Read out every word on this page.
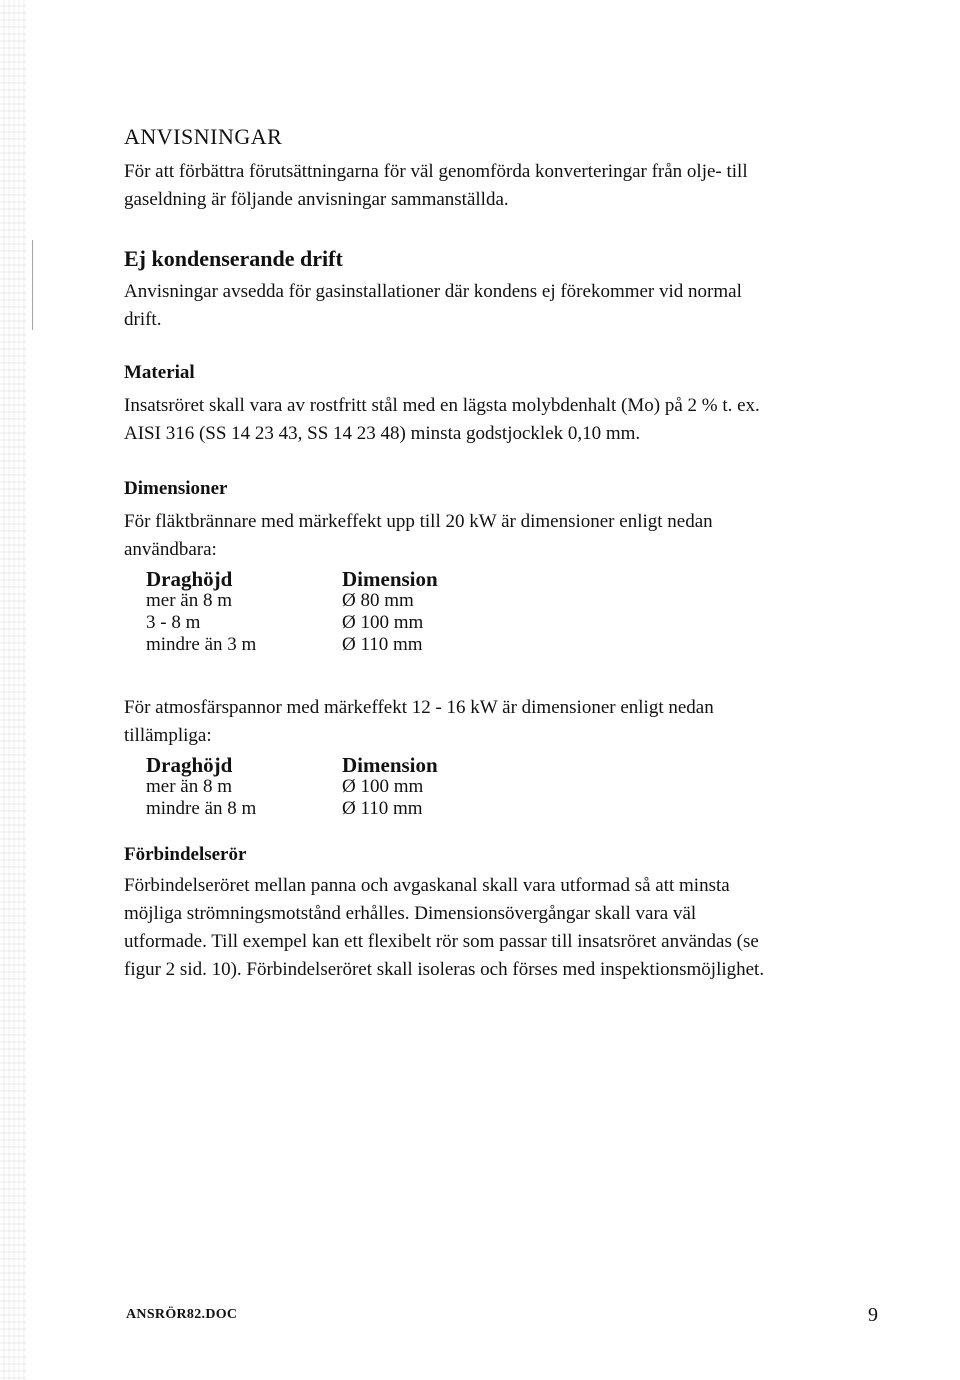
ANVISNINGAR
För att förbättra förutsättningarna för väl genomförda konverteringar från olje- till
gaseldning är följande anvisningar sammanställda.
Ej kondenserande drift
Anvisningar avsedda för gasinstallationer där kondens ej förekommer vid normal
drift.
Material
Insatsröret skall vara av rostfritt stål med en lägsta molybdenhalt (Mo) på 2 % t. ex.
AISI 316 (SS 14 23 43, SS 14 23 48) minsta godstjocklek 0,10 mm.
Dimensioner
För fläktbrännare med märkeffekt upp till 20 kW är dimensioner enligt nedan
användbara:
Draghöjd	Dimension
mer än 8 m	Ø 80 mm
3 - 8 m	Ø 100 mm
mindre än 3 m	Ø 110 mm
För atmosfärspannor med märkeffekt 12 - 16 kW är dimensioner enligt nedan
tillämpliga:
Draghöjd	Dimension
mer än 8 m	Ø 100 mm
mindre än 8 m	Ø 110 mm
Förbindelserör
Förbindelseröret mellan panna och avgaskanal skall vara utformad så att minsta
möjliga strömningsmotstånd erhålles. Dimensionsövergångar skall vara väl
utformade. Till exempel kan ett flexibelt rör som passar till insatsröret användas (se
figur 2 sid. 10). Förbindelseröret skall isoleras och förses med inspektionsmöjlighet.
ANSRÖR82.DOC	9
